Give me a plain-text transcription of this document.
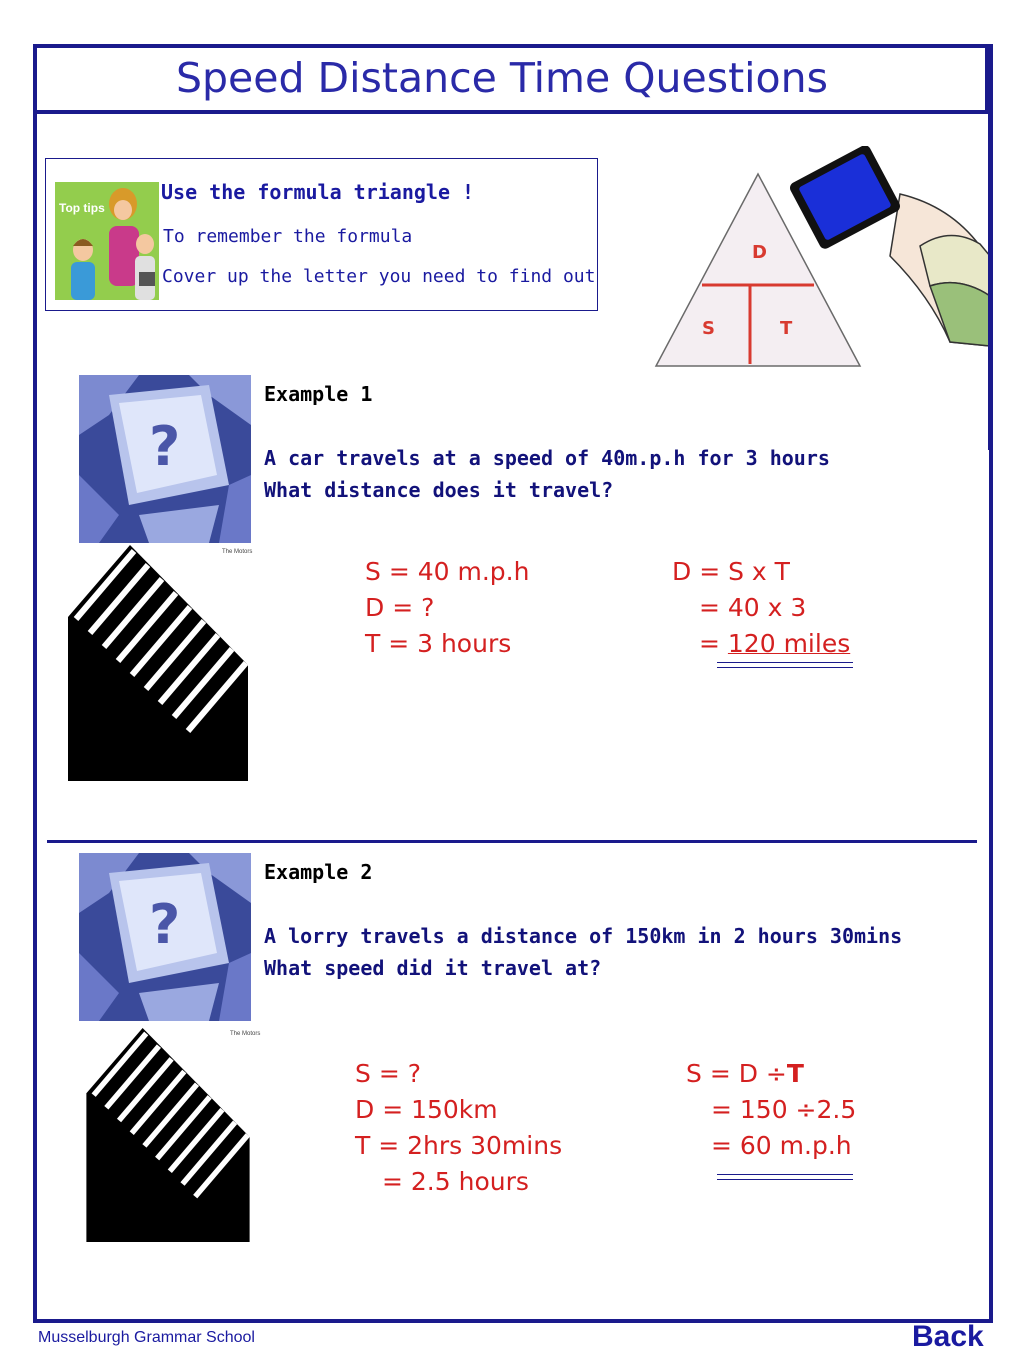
Speed Distance Time Questions
Top tips
Use the formula triangle !
To remember the formula
Cover up the letter you need to find out
D
S	T
?
The Motors
Example 1
A car travels at a speed of 40m.p.h for 3 hours
What distance does it travel?
S = 40 m.p.h
D = ?
T = 3 hours
D = S x T
= 40 x 3
= 120 miles
?
The Motors
Example 2
A lorry travels a distance of 150km in 2 hours 30mins
What speed did it travel at?
S = ?
D = 150km
T = 2hrs 30mins
= 2.5 hours
S = D ÷T
= 150 ÷2.5
= 60 m.p.h
Musselburgh Grammar School	Back
